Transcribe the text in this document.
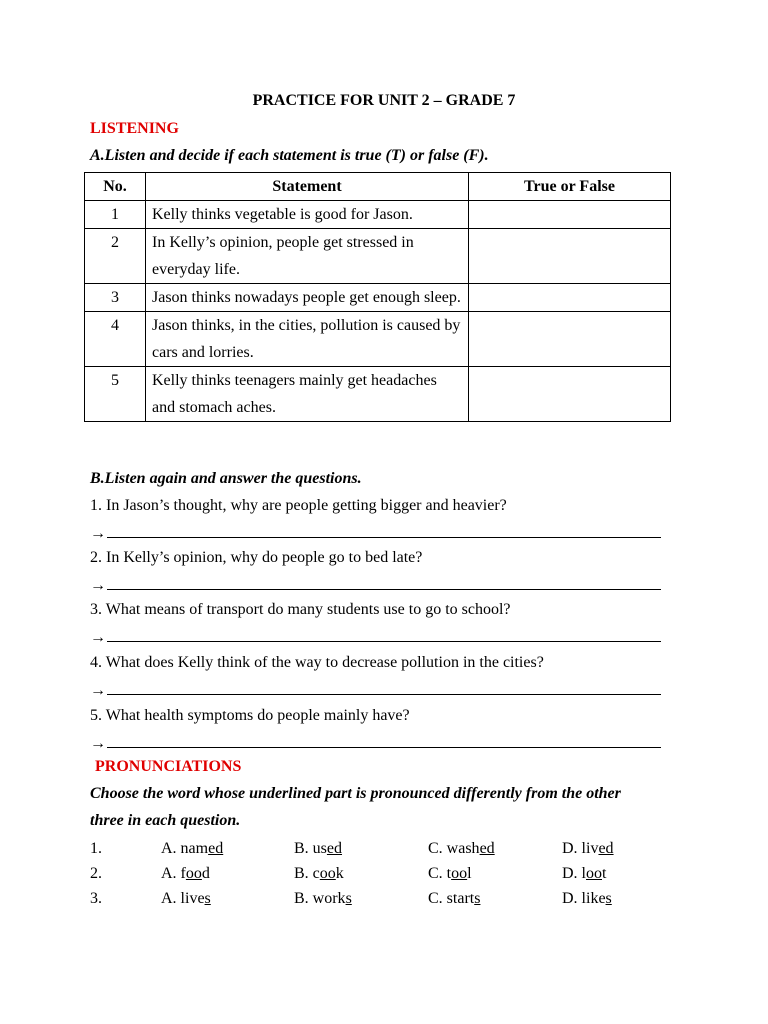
PRACTICE FOR UNIT 2 – GRADE 7
LISTENING
A.Listen and decide if each statement is true (T) or false (F).
No.	Statement	True or False
1	Kelly thinks vegetable is good for Jason.	
2	In Kelly’s opinion, people get stressed in everyday life.	
3	Jason thinks nowadays people get enough sleep.	
4	Jason thinks, in the cities, pollution is caused by cars and lorries.	
5	Kelly thinks teenagers mainly get headaches and stomach aches.	
B.Listen again and answer the questions.
1. In Jason’s thought, why are people getting bigger and heavier?
→
2. In Kelly’s opinion, why do people go to bed late?
→
3. What means of transport do many students use to go to school?
→
4. What does Kelly think of the way to decrease pollution in the cities?
→
5. What health symptoms do people mainly have?
→
PRONUNCIATIONS
Choose the word whose underlined part is pronounced differently from the other
three in each question.
1.	A. named	B. used	C. washed	D. lived
2.	A. food	B. cook	C. tool	D. loot
3.	A. lives	B. works	C. starts	D. likes
